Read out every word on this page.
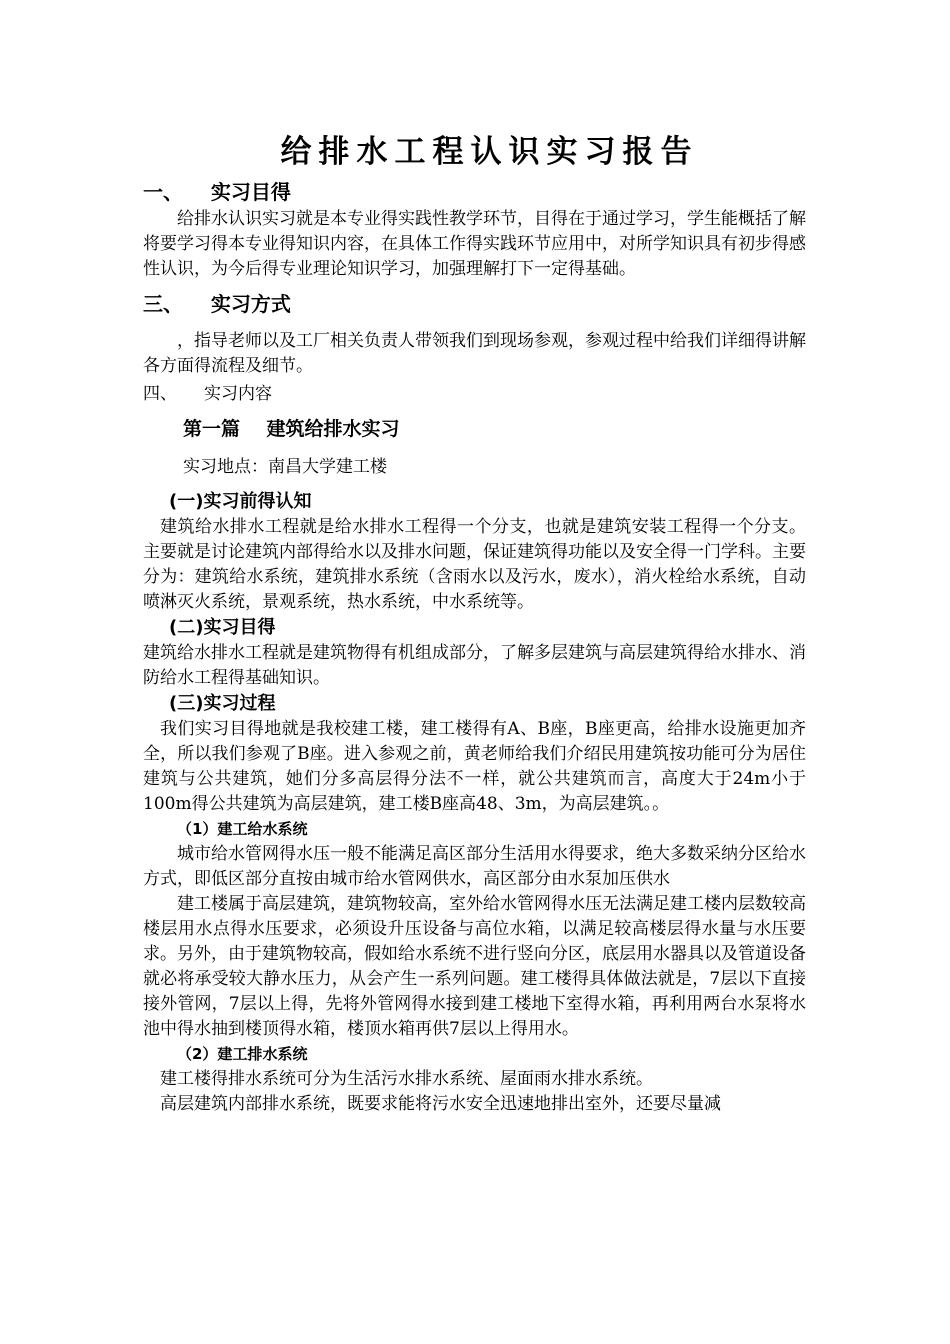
给排水工程认识实习报告
一、 实习目得

给排水认识实习就是本专业得实践性教学环节，目得在于通过学习，学生能概括了解将要学习得本专业得知识内容，在具体工作得实践环节应用中，对所学知识具有初步得感性认识，为今后得专业理论知识学习，加强理解打下一定得基础。

三、 实习方式

，指导老师以及工厂相关负责人带领我们到现场参观，参观过程中给我们详细得讲解各方面得流程及细节。

四、 实习内容
第一篇 建筑给排水实习
实习地点：南昌大学建工楼
(一)实习前得认知

建筑给水排水工程就是给水排水工程得一个分支，也就是建筑安装工程得一个分支。 主要就是讨论建筑内部得给水以及排水问题，保证建筑得功能以及安全得一门学科。主要分为：建筑给水系统，建筑排水系统（含雨水以及污水，废水），消火栓给水系统，自动喷淋灭火系统，景观系统，热水系统，中水系统等。

(二)实习目得

建筑给水排水工程就是建筑物得有机组成部分，了解多层建筑与高层建筑得给水排水、消防给水工程得基础知识。

(三)实习过程

我们实习目得地就是我校建工楼，建工楼得有A、B座，B座更高，给排水设施更加齐全，所以我们参观了B座。进入参观之前，黄老师给我们介绍民用建筑按功能可分为居住建筑与公共建筑，她们分多高层得分法不一样，就公共建筑而言，高度大于24m小于100m得公共建筑为高层建筑，建工楼B座高48、3m，为高层建筑。。

（1）建工给水系统

城市给水管网得水压一般不能满足高区部分生活用水得要求，绝大多数采纳分区给水方式，即低区部分直按由城市给水管网供水，高区部分由水泵加压供水

建工楼属于高层建筑，建筑物较高，室外给水管网得水压无法满足建工楼内层数较高楼层用水点得水压要求，必须设升压设备与高位水箱，以满足较高楼层得水量与水压要求。另外，由于建筑物较高，假如给水系统不进行竖向分区，底层用水器具以及管道设备就必将承受较大静水压力，从会产生一系列问题。建工楼得具体做法就是，7层以下直接接外管网，7层以上得，先将外管网得水接到建工楼地下室得水箱，再利用两台水泵将水池中得水抽到楼顶得水箱，楼顶水箱再供7层以上得用水。

（2）建工排水系统

建工楼得排水系统可分为生活污水排水系统、屋面雨水排水系统。

高层建筑内部排水系统，既要求能将污水安全迅速地排出室外，还要尽量减
